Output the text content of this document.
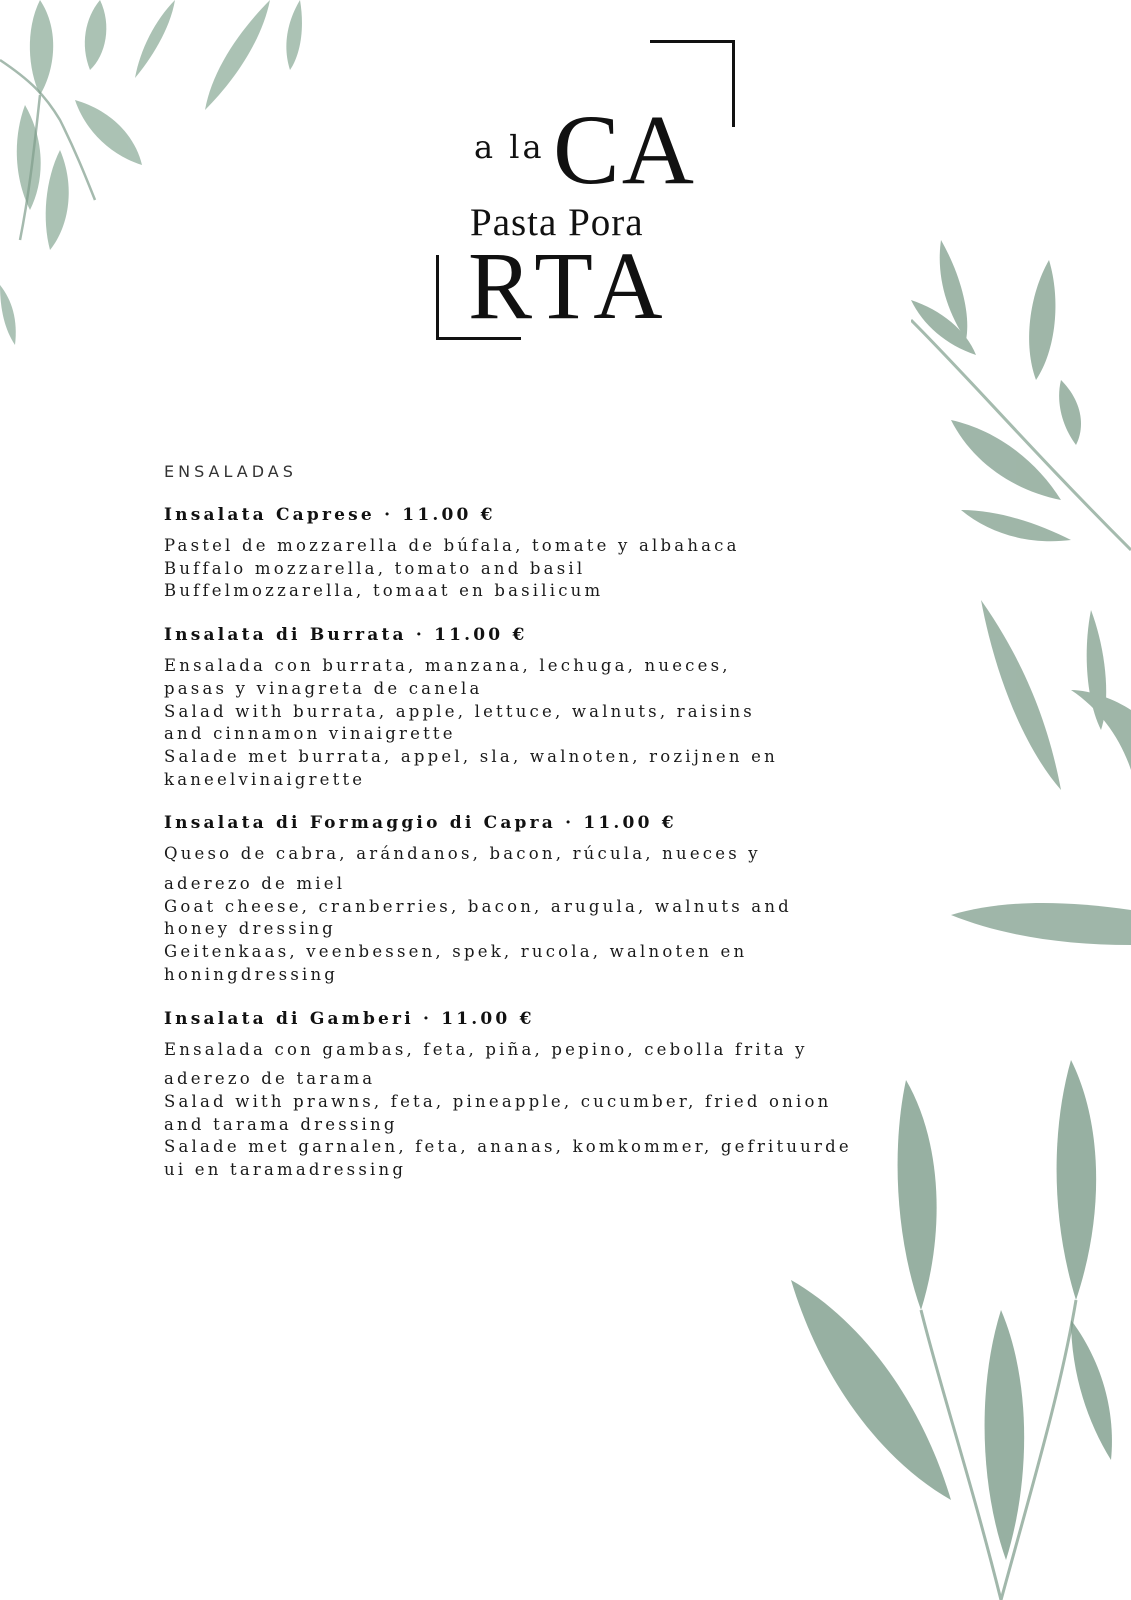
a la CA
Pasta Pora
RTA
ENSALADAS
Insalata Caprese · 11.00 €
Pastel de mozzarella de búfala, tomate y albahaca
Buffalo mozzarella, tomato and basil
Buffelmozzarella, tomaat en basilicum
Insalata di Burrata · 11.00 €
Ensalada con burrata, manzana, lechuga, nueces,
pasas y vinagreta de canela
Salad with burrata, apple, lettuce, walnuts, raisins
and cinnamon vinaigrette
Salade met burrata, appel, sla, walnoten, rozijnen en
kaneelvinaigrette
Insalata di Formaggio di Capra · 11.00 €
Queso de cabra, arándanos, bacon, rúcula, nueces y
aderezo de miel
Goat cheese, cranberries, bacon, arugula, walnuts and
honey dressing
Geitenkaas, veenbessen, spek, rucola, walnoten en
honingdressing
Insalata di Gamberi · 11.00 €
Ensalada con gambas, feta, piña, pepino, cebolla frita y
aderezo de tarama
Salad with prawns, feta, pineapple, cucumber, fried onion
and tarama dressing
Salade met garnalen, feta, ananas, komkommer, gefrituurde
ui en taramadressing
